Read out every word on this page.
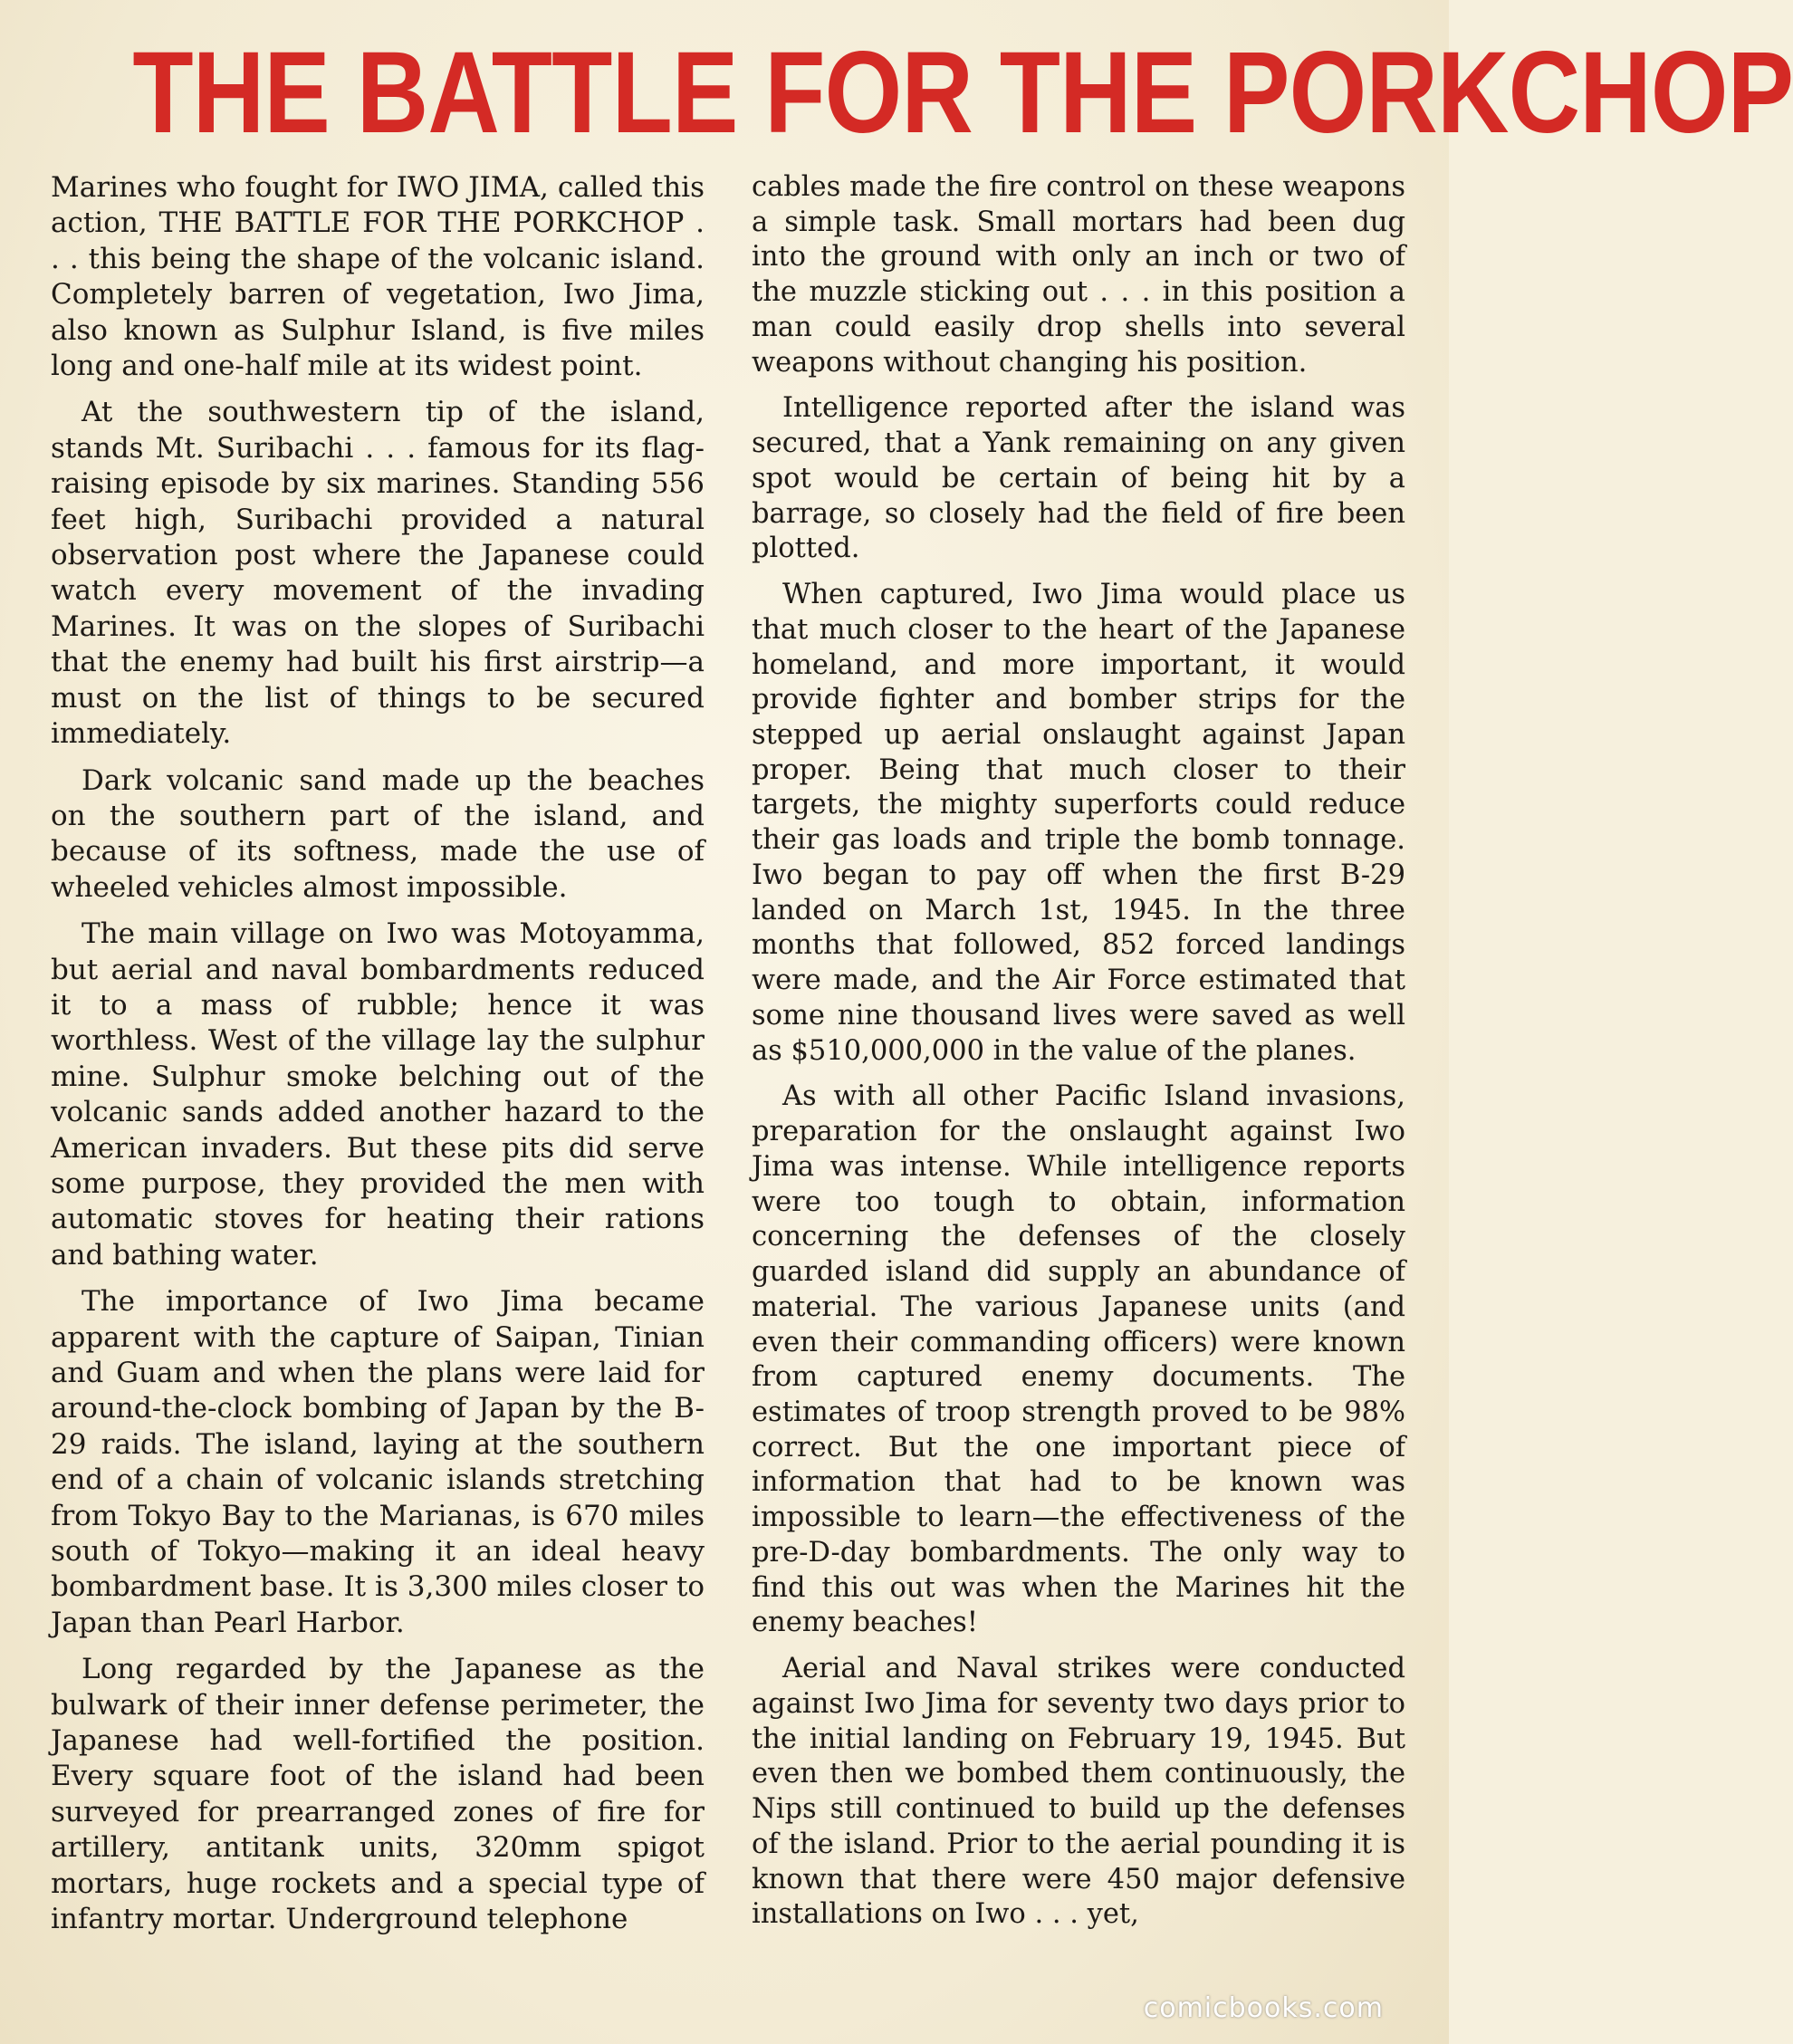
THE BATTLE FOR THE PORKCHOP

Marines who fought for IWO JIMA, called this action, THE BATTLE FOR THE PORKCHOP . . . this being the shape of the volcanic island. Completely barren of vegetation, Iwo Jima, also known as Sulphur Island, is five miles long and one-half mile at its widest point.

At the southwestern tip of the island, stands Mt. Suribachi . . . famous for its flag-raising episode by six marines. Standing 556 feet high, Suribachi provided a natural observation post where the Japanese could watch every movement of the invading Marines. It was on the slopes of Suribachi that the enemy had built his first airstrip—a must on the list of things to be secured immediately.

Dark volcanic sand made up the beaches on the southern part of the island, and because of its softness, made the use of wheeled vehicles almost impossible.

The main village on Iwo was Motoyamma, but aerial and naval bombardments reduced it to a mass of rubble; hence it was worthless. West of the village lay the sulphur mine. Sulphur smoke belching out of the volcanic sands added another hazard to the American invaders. But these pits did serve some purpose, they provided the men with automatic stoves for heating their rations and bathing water.

The importance of Iwo Jima became apparent with the capture of Saipan, Tinian and Guam and when the plans were laid for around-the-clock bombing of Japan by the B-29 raids. The island, laying at the southern end of a chain of volcanic islands stretching from Tokyo Bay to the Marianas, is 670 miles south of Tokyo—making it an ideal heavy bombardment base. It is 3,300 miles closer to Japan than Pearl Harbor.

Long regarded by the Japanese as the bulwark of their inner defense perimeter, the Japanese had well-fortified the position. Every square foot of the island had been surveyed for prearranged zones of fire for artillery, antitank units, 320mm spigot mortars, huge rockets and a special type of infantry mortar. Underground telephone

cables made the fire control on these weapons a simple task. Small mortars had been dug into the ground with only an inch or two of the muzzle sticking out . . . in this position a man could easily drop shells into several weapons without changing his position.

Intelligence reported after the island was secured, that a Yank remaining on any given spot would be certain of being hit by a barrage, so closely had the field of fire been plotted.

When captured, Iwo Jima would place us that much closer to the heart of the Japanese homeland, and more important, it would provide fighter and bomber strips for the stepped up aerial onslaught against Japan proper. Being that much closer to their targets, the mighty superforts could reduce their gas loads and triple the bomb tonnage. Iwo began to pay off when the first B-29 landed on March 1st, 1945. In the three months that followed, 852 forced landings were made, and the Air Force estimated that some nine thousand lives were saved as well as $510,000,000 in the value of the planes.

As with all other Pacific Island invasions, preparation for the onslaught against Iwo Jima was intense. While intelligence reports were too tough to obtain, information concerning the defenses of the closely guarded island did supply an abundance of material. The various Japanese units (and even their commanding officers) were known from captured enemy documents. The estimates of troop strength proved to be 98% correct. But the one important piece of information that had to be known was impossible to learn—the effectiveness of the pre-D-day bombardments. The only way to find this out was when the Marines hit the enemy beaches!

Aerial and Naval strikes were conducted against Iwo Jima for seventy two days prior to the initial landing on February 19, 1945. But even then we bombed them continuously, the Nips still continued to build up the defenses of the island. Prior to the aerial pounding it is known that there were 450 major defensive installations on Iwo . . . yet,

comicbooks.com
